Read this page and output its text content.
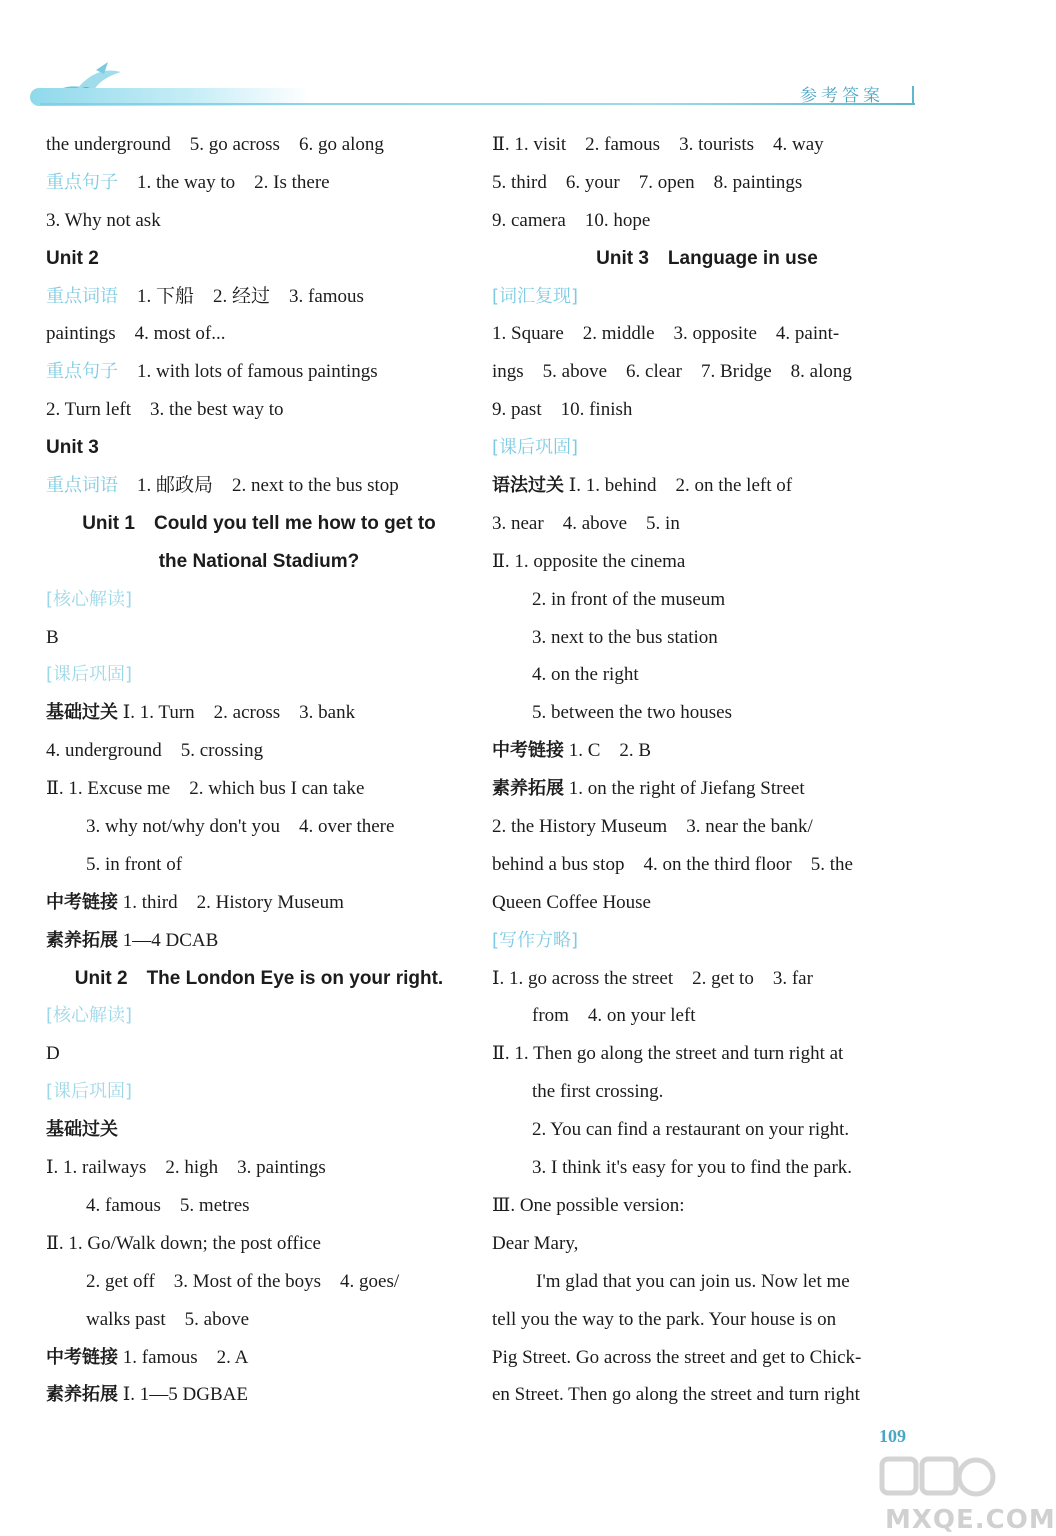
参考答案
the underground　5. go across　6. go along
重点句子　1. the way to　2. Is there
3. Why not ask
Unit 2
重点词语　1. 下船　2. 经过　3. famous
paintings　4. most of...
重点句子　1. with lots of famous paintings
2. Turn left　3. the best way to
Unit 3
重点词语　1. 邮政局　2. next to the bus stop
Unit 1　Could you tell me how to get to
the National Stadium?
[核心解读]
B
[课后巩固]
基础过关 Ⅰ. 1. Turn　2. across　3. bank
4. underground　5. crossing
Ⅱ. 1. Excuse me　2. which bus I can take
3. why not/why don't you　4. over there
5. in front of
中考链接 1. third　2. History Museum
素养拓展 1—4 DCAB
Unit 2　The London Eye is on your right.
[核心解读]
D
[课后巩固]
基础过关
Ⅰ. 1. railways　2. high　3. paintings
4. famous　5. metres
Ⅱ. 1. Go/Walk down; the post office
2. get off　3. Most of the boys　4. goes/
walks past　5. above
中考链接 1. famous　2. A
素养拓展 Ⅰ. 1—5 DGBAE
Ⅱ. 1. visit　2. famous　3. tourists　4. way
5. third　6. your　7. open　8. paintings
9. camera　10. hope
Unit 3　Language in use
[词汇复现]
1. Square　2. middle　3. opposite　4. paint-
ings　5. above　6. clear　7. Bridge　8. along
9. past　10. finish
[课后巩固]
语法过关 Ⅰ. 1. behind　2. on the left of
3. near　4. above　5. in
Ⅱ. 1. opposite the cinema
2. in front of the museum
3. next to the bus station
4. on the right
5. between the two houses
中考链接 1. C　2. B
素养拓展 1. on the right of Jiefang Street
2. the History Museum　3. near the bank/
behind a bus stop　4. on the third floor　5. the
Queen Coffee House
[写作方略]
Ⅰ. 1. go across the street　2. get to　3. far
from　4. on your left
Ⅱ. 1. Then go along the street and turn right at
the first crossing.
2. You can find a restaurant on your right.
3. I think it's easy for you to find the park.
Ⅲ. One possible version:
Dear Mary,
I'm glad that you can join us. Now let me
tell you the way to the park. Your house is on
Pig Street. Go across the street and get to Chick-
en Street. Then go along the street and turn right
109
MXQE.COM
